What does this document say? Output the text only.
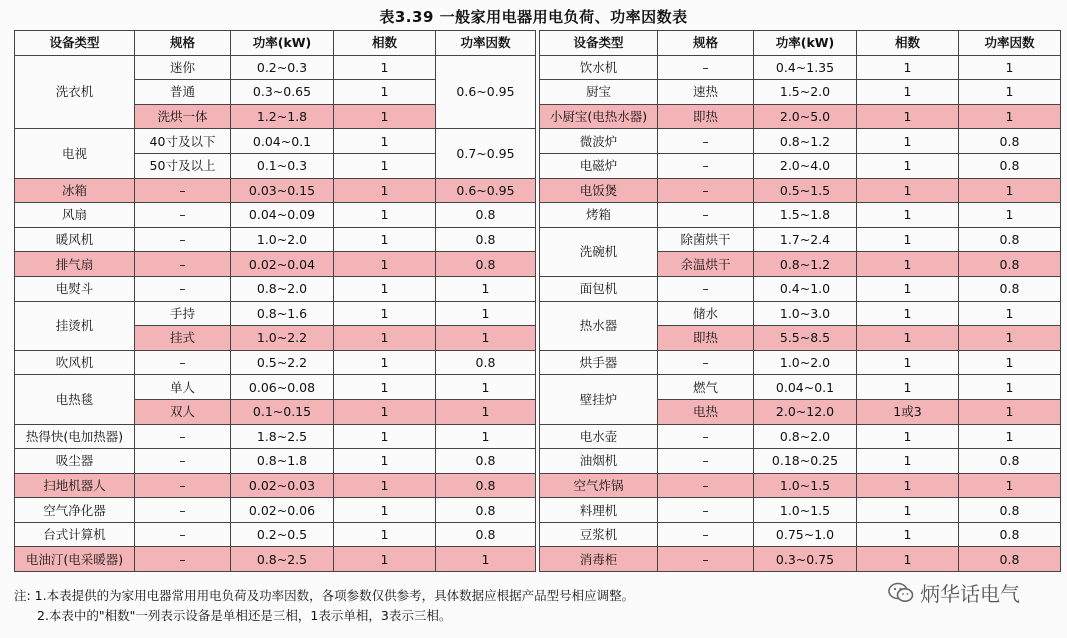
表3.39 一般家用电器用电负荷、功率因数表
设备类型	规格	功率(kW)	相数	功率因数
洗衣机	迷你	0.2~0.3	1	0.6~0.95
	普通	0.3~0.65	1	
	洗烘一体	1.2~1.8	1	
电视	40寸及以下	0.04~0.1	1	0.7~0.95
	50寸及以上	0.1~0.3	1	
冰箱	–	0.03~0.15	1	0.6~0.95
风扇	–	0.04~0.09	1	0.8
暖风机	–	1.0~2.0	1	0.8
排气扇	–	0.02~0.04	1	0.8
电熨斗	–	0.8~2.0	1	1
挂烫机	手持	0.8~1.6	1	1
	挂式	1.0~2.2	1	1
吹风机	–	0.5~2.2	1	0.8
电热毯	单人	0.06~0.08	1	1
	双人	0.1~0.15	1	1
热得快(电加热器)	–	1.8~2.5	1	1
吸尘器	–	0.8~1.8	1	0.8
扫地机器人	–	0.02~0.03	1	0.8
空气净化器	–	0.02~0.06	1	0.8
台式计算机	–	0.2~0.5	1	0.8
电油汀(电采暖器)	–	0.8~2.5	1	1
设备类型	规格	功率(kW)	相数	功率因数
饮水机	–	0.4~1.35	1	1
厨宝	速热	1.5~2.0	1	1
小厨宝(电热水器)	即热	2.0~5.0	1	1
微波炉	–	0.8~1.2	1	0.8
电磁炉	–	2.0~4.0	1	0.8
电饭煲	–	0.5~1.5	1	1
烤箱	–	1.5~1.8	1	1
洗碗机	除菌烘干	1.7~2.4	1	0.8
	余温烘干	0.8~1.2	1	0.8
面包机	–	0.4~1.0	1	0.8
热水器	储水	1.0~3.0	1	1
	即热	5.5~8.5	1	1
烘手器	–	1.0~2.0	1	1
壁挂炉	燃气	0.04~0.1	1	1
	电热	2.0~12.0	1或3	1
电水壶	–	0.8~2.0	1	1
油烟机	–	0.18~0.25	1	0.8
空气炸锅	–	1.0~1.5	1	1
料理机	–	1.0~1.5	1	0.8
豆浆机	–	0.75~1.0	1	0.8
消毒柜	–	0.3~0.75	1	0.8
注: 1.本表提供的为家用电器常用用电负荷及功率因数，各项参数仅供参考，具体数据应根据产品型号相应调整。
2.本表中的"相数"一列表示设备是单相还是三相，1表示单相，3表示三相。
炳华话电气
